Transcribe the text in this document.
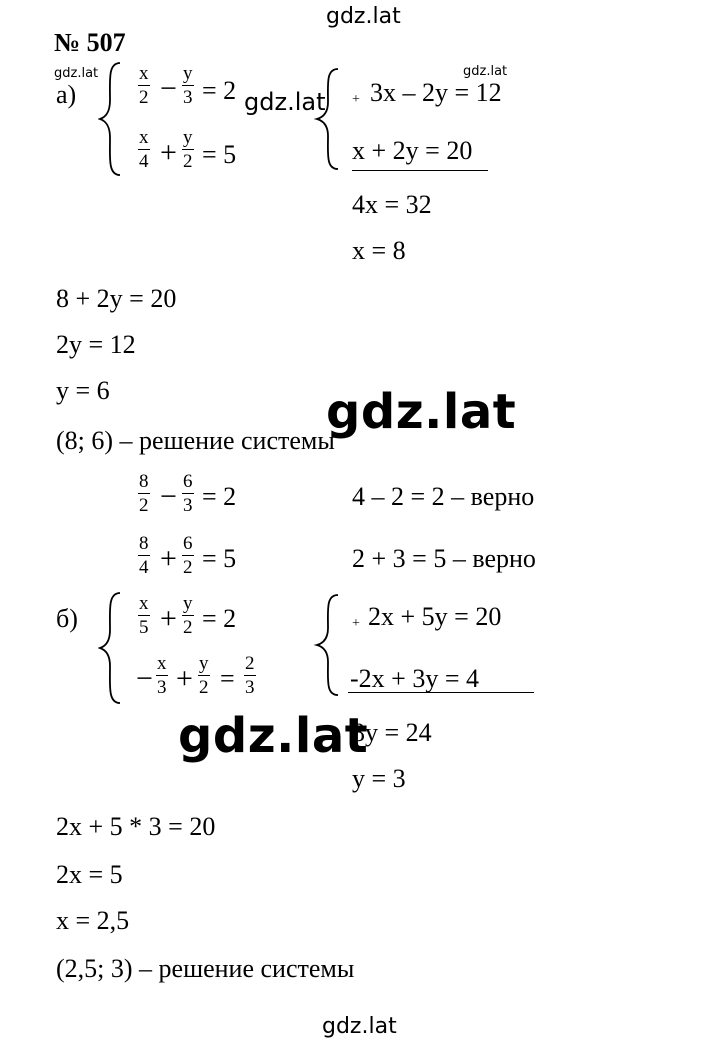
gdz.lat
gdz.lat
gdz.lat
gdz.lat
gdz.lat
gdz.lat
gdz.lat
№ 507
а)	$\frac{x}{2} - \frac{y}{3} = 2$
$\frac{x}{4} + \frac{y}{2} = 5$
+ 3x – 2y = 12
x + 2y = 20
4x = 32
x = 8
8 + 2y = 20
2y = 12
y = 6
(8; 6) – решение системы
$\frac{8}{2} - \frac{6}{3} = 2$	4 – 2 = 2 – верно
$\frac{8}{4} + \frac{6}{2} = 5$	2 + 3 = 5 – верно
б)	$\frac{x}{5} + \frac{y}{2} = 2$
− $\frac{x}{3} + \frac{y}{2} = \frac{2}{3}$
+ 2x + 5y = 20
-2x + 3y = 4
8y = 24
y = 3
2x + 5 * 3 = 20
2x = 5
x = 2,5
(2,5; 3) – решение системы
